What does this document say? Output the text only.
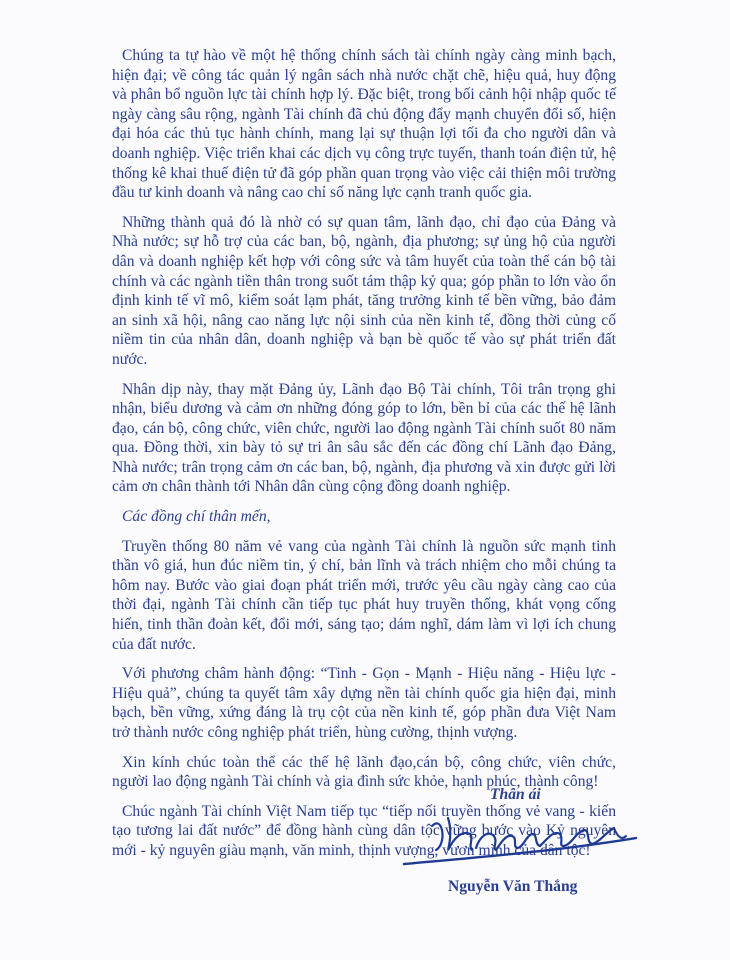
Chúng ta tự hào về một hệ thống chính sách tài chính ngày càng minh bạch, hiện đại; về công tác quản lý ngân sách nhà nước chặt chẽ, hiệu quả, huy động và phân bổ nguồn lực tài chính hợp lý. Đặc biệt, trong bối cảnh hội nhập quốc tế ngày càng sâu rộng, ngành Tài chính đã chủ động đẩy mạnh chuyển đổi số, hiện đại hóa các thủ tục hành chính, mang lại sự thuận lợi tối đa cho người dân và doanh nghiệp. Việc triển khai các dịch vụ công trực tuyến, thanh toán điện tử, hệ thống kê khai thuế điện tử đã góp phần quan trọng vào việc cải thiện môi trường đầu tư kinh doanh và nâng cao chỉ số năng lực cạnh tranh quốc gia.

Những thành quả đó là nhờ có sự quan tâm, lãnh đạo, chỉ đạo của Đảng và Nhà nước; sự hỗ trợ của các ban, bộ, ngành, địa phương; sự ủng hộ của người dân và doanh nghiệp kết hợp với công sức và tâm huyết của toàn thể cán bộ tài chính và các ngành tiền thân trong suốt tám thập kỷ qua; góp phần to lớn vào ổn định kinh tế vĩ mô, kiểm soát lạm phát, tăng trưởng kinh tế bền vững, bảo đảm an sinh xã hội, nâng cao năng lực nội sinh của nền kinh tế, đồng thời củng cố niềm tin của nhân dân, doanh nghiệp và bạn bè quốc tế vào sự phát triển đất nước.

Nhân dịp này, thay mặt Đảng ủy, Lãnh đạo Bộ Tài chính, Tôi trân trọng ghi nhận, biểu dương và cảm ơn những đóng góp to lớn, bền bỉ của các thế hệ lãnh đạo, cán bộ, công chức, viên chức, người lao động ngành Tài chính suốt 80 năm qua. Đồng thời, xin bày tỏ sự tri ân sâu sắc đến các đồng chí Lãnh đạo Đảng, Nhà nước; trân trọng cảm ơn các ban, bộ, ngành, địa phương và xin được gửi lời cảm ơn chân thành tới Nhân dân cùng cộng đồng doanh nghiệp.

Các đồng chí thân mến,

Truyền thống 80 năm vẻ vang của ngành Tài chính là nguồn sức mạnh tinh thần vô giá, hun đúc niềm tin, ý chí, bản lĩnh và trách nhiệm cho mỗi chúng ta hôm nay. Bước vào giai đoạn phát triển mới, trước yêu cầu ngày càng cao của thời đại, ngành Tài chính cần tiếp tục phát huy truyền thống, khát vọng cống hiến, tinh thần đoàn kết, đổi mới, sáng tạo; dám nghĩ, dám làm vì lợi ích chung của đất nước.

Với phương châm hành động: “Tinh - Gọn - Mạnh - Hiệu năng - Hiệu lực - Hiệu quả”, chúng ta quyết tâm xây dựng nền tài chính quốc gia hiện đại, minh bạch, bền vững, xứng đáng là trụ cột của nền kinh tế, góp phần đưa Việt Nam trở thành nước công nghiệp phát triển, hùng cường, thịnh vượng.

Xin kính chúc toàn thể các thế hệ lãnh đạo,cán bộ, công chức, viên chức, người lao động ngành Tài chính và gia đình sức khỏe, hạnh phúc, thành công!

Chúc ngành Tài chính Việt Nam tiếp tục “tiếp nối truyền thống vẻ vang - kiến tạo tương lai đất nước” để đồng hành cùng dân tộc vững bước vào Kỷ nguyên mới - kỷ nguyên giàu mạnh, văn minh, thịnh vượng, vươn mình của dân tộc!

Thân ái
Nguyễn Văn Thắng
